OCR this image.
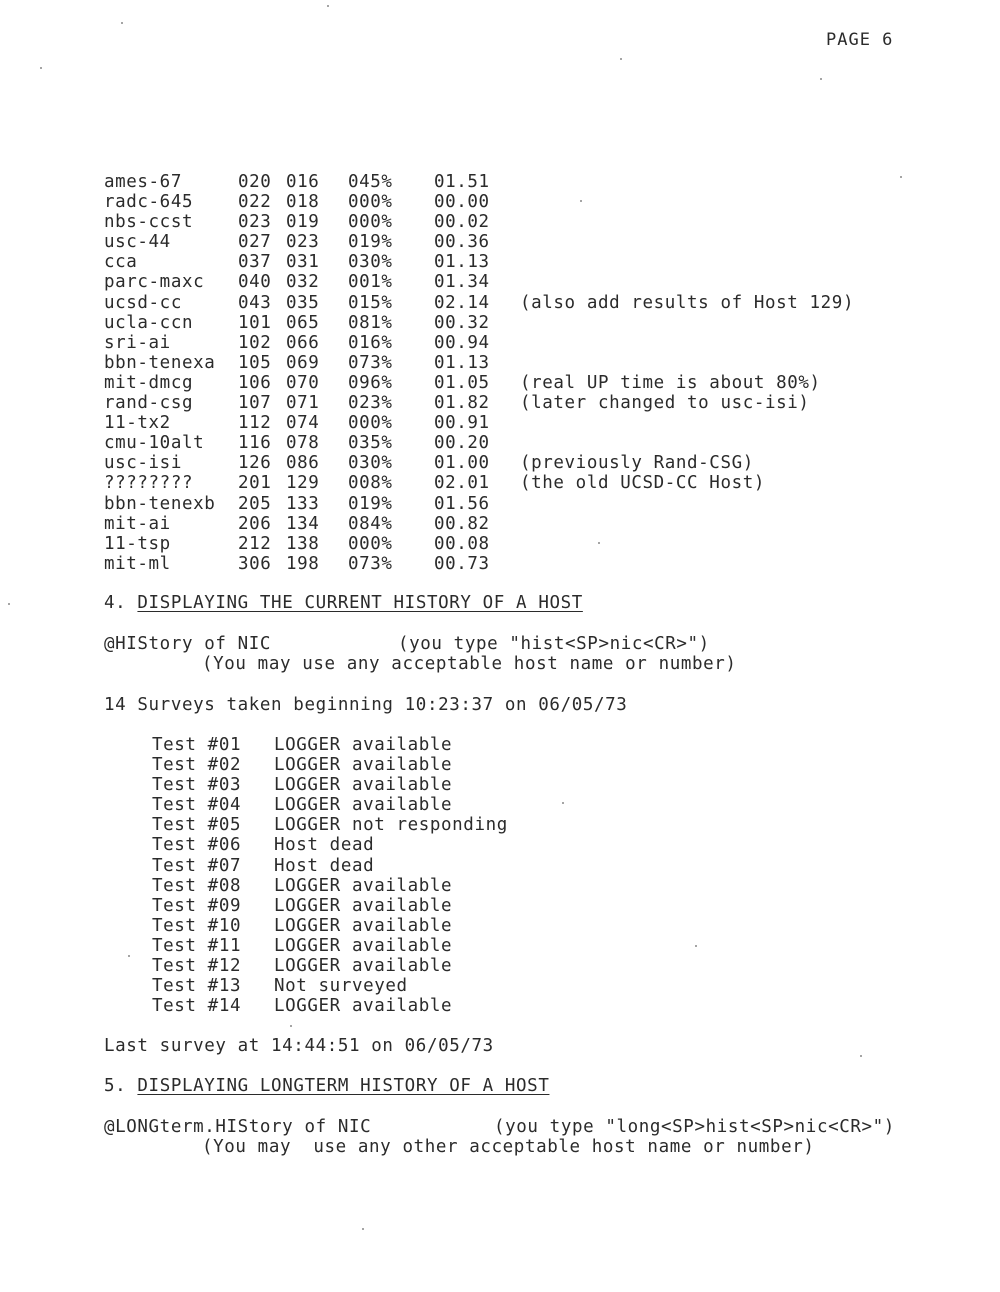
PAGE 6
ames-67	020 016 045% 01.51
radc-645	022 018 000% 00.00
nbs-ccst	023 019 000% 00.02
usc-44	027 023 019% 00.36
cca	037 031 030% 01.13
parc-maxc 040 032 001% 01.34
ucsd-cc	043 035 015% 02.14 (also add results of Host 129)
ucla-ccn	101 065 081% 00.32
sri-ai	102 066 016% 00.94
bbn-tenexa 105 069 073% 01.13
mit-dmcg	106 070 096% 01.05 (real UP time is about 80%)
rand-csg	107 071 023% 01.82 (later changed to usc-isi)
11-tx2	112 074 000% 00.91
cmu-10alt 116 078 035% 00.20
usc-isi	126 086 030% 01.00 (previously Rand-CSG)
????????	201 129 008% 02.01 (the old UCSD-CC Host)
bbn-tenexb 205 133 019% 01.56
mit-ai	206 134 084% 00.82
11-tsp	212 138 000% 00.08
mit-ml	306 198 073% 00.73
4. DISPLAYING THE CURRENT HISTORY OF A HOST
@HIStory of NIC	(you type "hist<SP>nic<CR>")
(You may use any acceptable host name or number)
14 Surveys taken beginning 10:23:37 on 06/05/73
Test #01 LOGGER available
Test #02 LOGGER available
Test #03 LOGGER available
Test #04 LOGGER available
Test #05 LOGGER not responding
Test #06 Host dead
Test #07 Host dead
Test #08 LOGGER available
Test #09 LOGGER available
Test #10 LOGGER available
Test #11 LOGGER available
Test #12 LOGGER available
Test #13 Not surveyed
Test #14 LOGGER available
Last survey at 14:44:51 on 06/05/73
5. DISPLAYING LONGTERM HISTORY OF A HOST
@LONGterm.HIStory of NIC	(you type "long<SP>hist<SP>nic<CR>")
(You may  use any other acceptable host name or number)
